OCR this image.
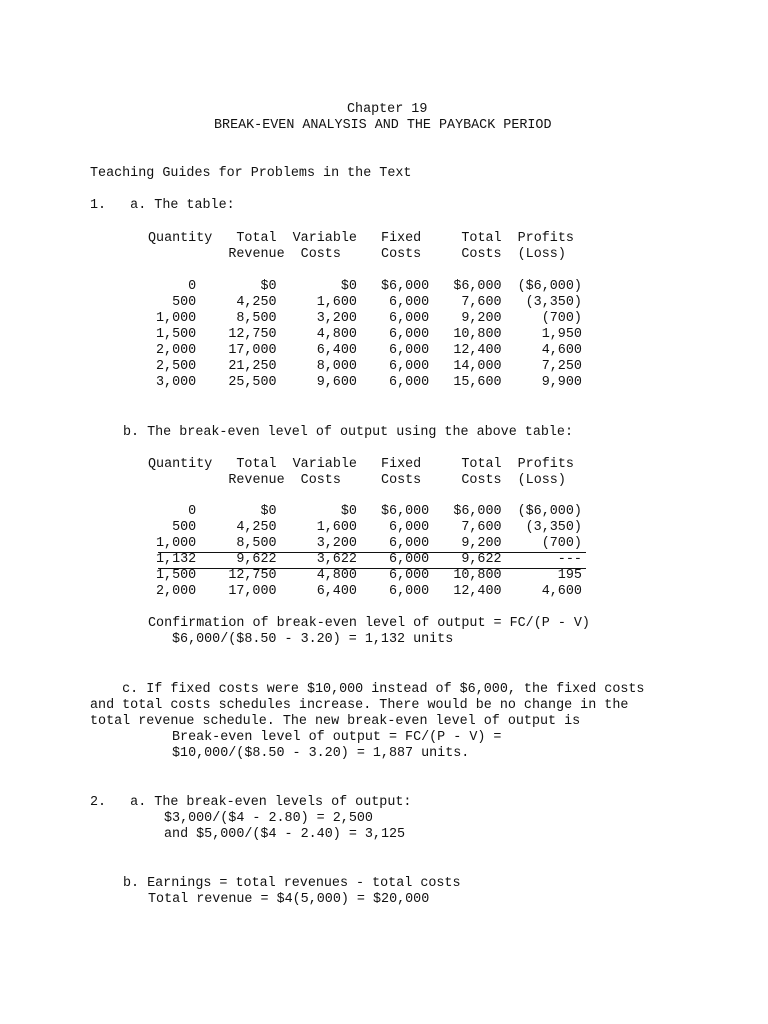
Chapter 19
BREAK-EVEN ANALYSIS AND THE PAYBACK PERIOD
Teaching Guides for Problems in the Text
1.   a. The table:
Quantity   Total  Variable   Fixed     Total  Profits
Revenue  Costs     Costs     Costs  (Loss)
0        $0        $0   $6,000   $6,000  ($6,000)
500     4,250     1,600    6,000    7,600   (3,350)
1,000     8,500     3,200    6,000    9,200     (700)
1,500    12,750     4,800    6,000   10,800     1,950
2,000    17,000     6,400    6,000   12,400     4,600
2,500    21,250     8,000    6,000   14,000     7,250
3,000    25,500     9,600    6,000   15,600     9,900
b. The break-even level of output using the above table:
Quantity   Total  Variable   Fixed     Total  Profits
Revenue  Costs     Costs     Costs  (Loss)
0        $0        $0   $6,000   $6,000  ($6,000)
500     4,250     1,600    6,000    7,600   (3,350)
1,000     8,500     3,200    6,000    9,200     (700)
1,132     9,622     3,622    6,000    9,622       ---
1,500    12,750     4,800    6,000   10,800       195
2,000    17,000     6,400    6,000   12,400     4,600
Confirmation of break-even level of output = FC/(P - V)
$6,000/($8.50 - 3.20) = 1,132 units
c. If fixed costs were $10,000 instead of $6,000, the fixed costs
and total costs schedules increase. There would be no change in the
total revenue schedule. The new break-even level of output is
Break-even level of output = FC/(P - V) =
$10,000/($8.50 - 3.20) = 1,887 units.
2.   a. The break-even levels of output:
$3,000/($4 - 2.80) = 2,500
and $5,000/($4 - 2.40) = 3,125
b. Earnings = total revenues - total costs
Total revenue = $4(5,000) = $20,000
